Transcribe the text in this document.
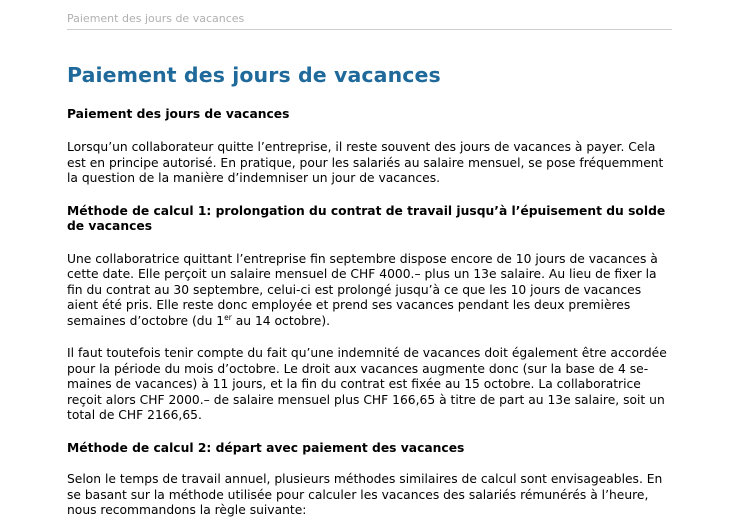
Paiement des jours de vacances
Paiement des jours de vacances
Paiement des jours de vacances

Lorsqu’un collaborateur quitte l’entreprise, il reste souvent des jours de vacances à payer. Cela est en principe autorisé. En pratique, pour les salariés au salaire mensuel, se pose fréquemment la question de la manière d’indemniser un jour de vacances.

Méthode de calcul 1: prolongation du contrat de travail jusqu’à l’épuisement du solde de vacances

Une collaboratrice quittant l’entreprise fin septembre dispose encore de 10 jours de vacances à cette date. Elle perçoit un salaire mensuel de CHF 4000.– plus un 13e salaire. Au lieu de fixer la fin du contrat au 30 septembre, celui-ci est prolongé jusqu’à ce que les 10 jours de vacances aient été pris. Elle reste donc employée et prend ses vacances pendant les deux premières semaines d’octobre (du 1er au 14 octobre).

Il faut toutefois tenir compte du fait qu’une indemnité de vacances doit également être accordée pour la période du mois d’octobre. Le droit aux vacances augmente donc (sur la base de 4 semaines de vacances) à 11 jours, et la fin du contrat est fixée au 15 octobre. La collaboratrice reçoit alors CHF 2000.– de salaire mensuel plus CHF 166,65 à titre de part au 13e salaire, soit un total de CHF 2166,65.

Méthode de calcul 2: départ avec paiement des vacances

Selon le temps de travail annuel, plusieurs méthodes similaires de calcul sont envisageables. En se basant sur la méthode utilisée pour calculer les vacances des salariés rémunérés à l’heure, nous recommandons la règle suivante:
